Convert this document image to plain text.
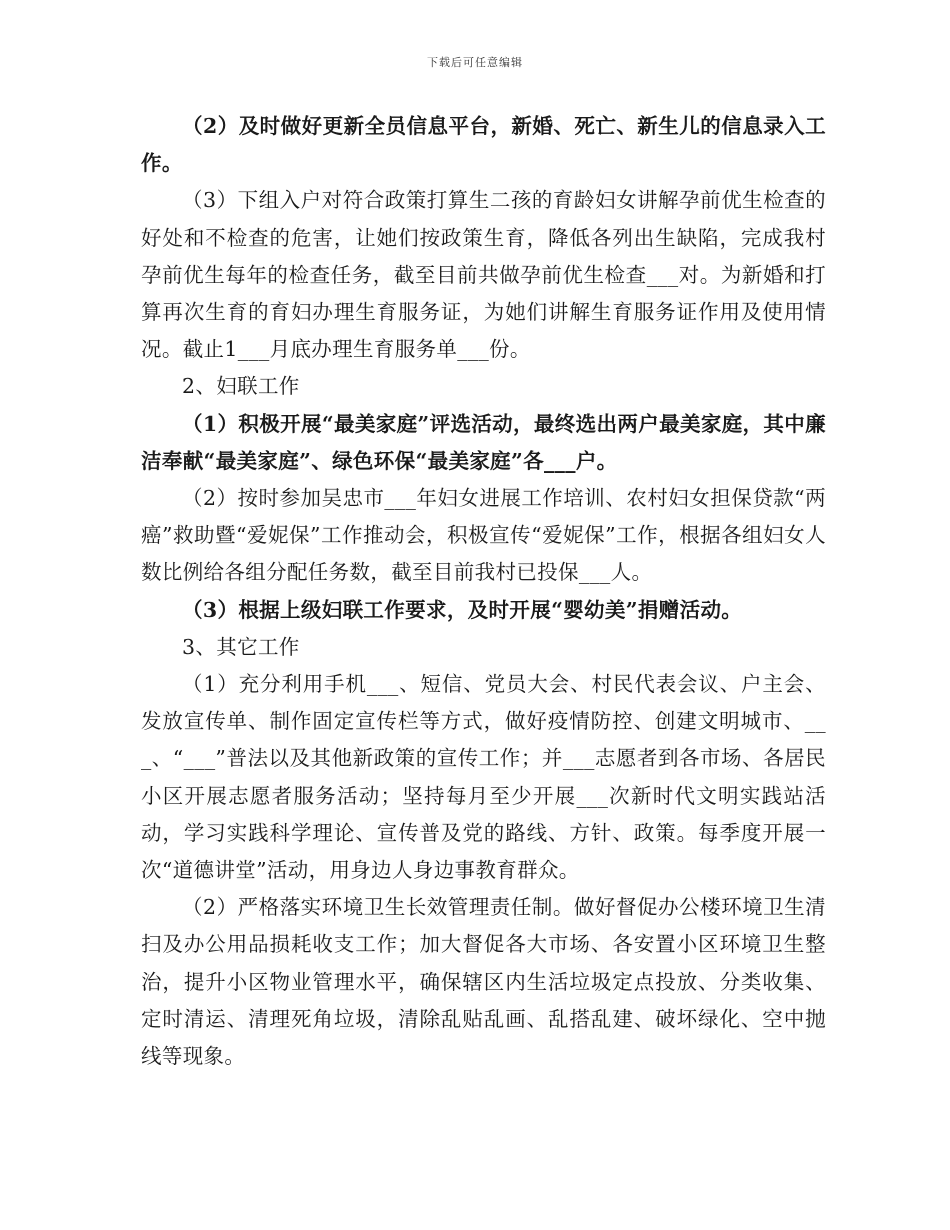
下载后可任意编辑

（2）及时做好更新全员信息平台，新婚、死亡、新生儿的信息录入工作。

（3）下组入户对符合政策打算生二孩的育龄妇女讲解孕前优生检查的好处和不检查的危害，让她们按政策生育，降低各列出生缺陷，完成我村孕前优生每年的检查任务，截至目前共做孕前优生检查___对。为新婚和打算再次生育的育妇办理生育服务证，为她们讲解生育服务证作用及使用情况。截止1___月底办理生育服务单___份。

2、妇联工作

（1）积极开展“最美家庭”评选活动，最终选出两户最美家庭，其中廉洁奉献“最美家庭”、绿色环保“最美家庭”各___户。

（2）按时参加吴忠市___年妇女进展工作培训、农村妇女担保贷款“两癌”救助暨“爱妮保”工作推动会，积极宣传“爱妮保”工作，根据各组妇女人数比例给各组分配任务数，截至目前我村已投保___人。

（3）根据上级妇联工作要求，及时开展“婴幼美”捐赠活动。

3、其它工作

（1）充分利用手机___、短信、党员大会、村民代表会议、户主会、发放宣传单、制作固定宣传栏等方式，做好疫情防控、创建文明城市、___、“___”普法以及其他新政策的宣传工作；并___志愿者到各市场、各居民小区开展志愿者服务活动；坚持每月至少开展___次新时代文明实践站活动，学习实践科学理论、宣传普及党的路线、方针、政策。每季度开展一次“道德讲堂”活动，用身边人身边事教育群众。

（2）严格落实环境卫生长效管理责任制。做好督促办公楼环境卫生清扫及办公用品损耗收支工作；加大督促各大市场、各安置小区环境卫生整治，提升小区物业管理水平，确保辖区内生活垃圾定点投放、分类收集、定时清运、清理死角垃圾，清除乱贴乱画、乱搭乱建、破坏绿化、空中抛线等现象。
